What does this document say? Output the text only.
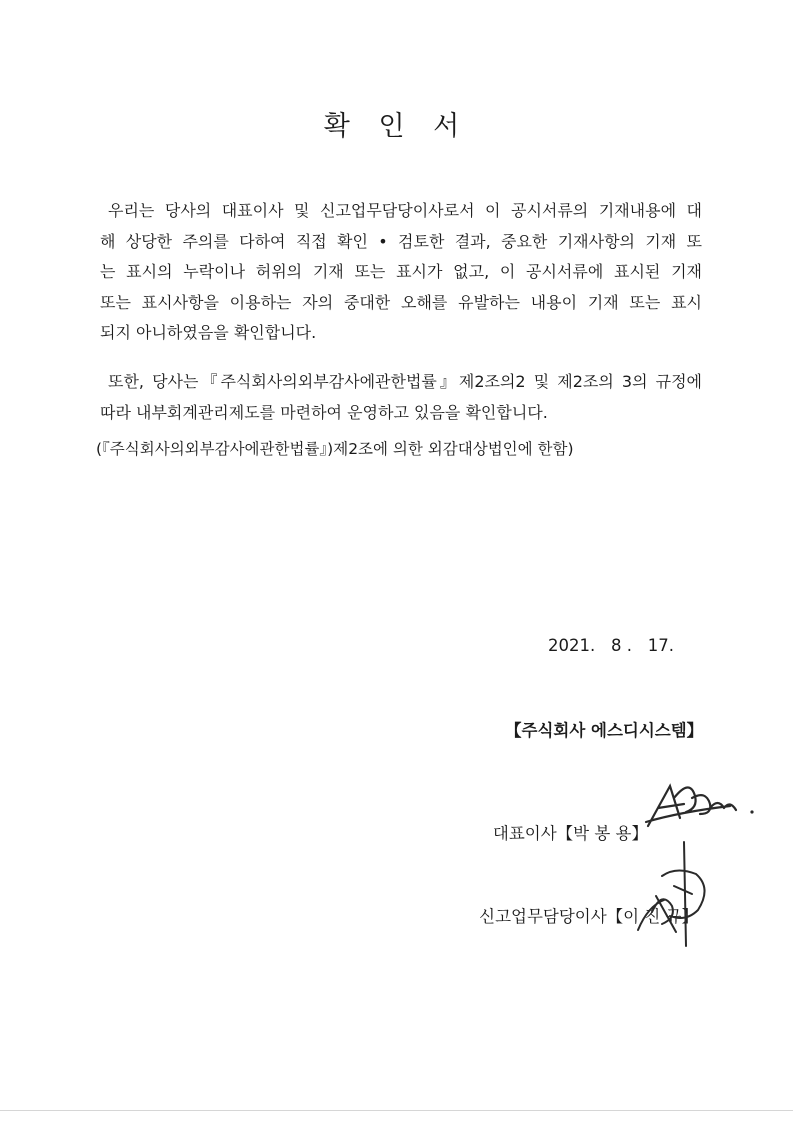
확 인 서
우리는 당사의 대표이사 및 신고업무담당이사로서 이 공시서류의 기재내용에 대
해 상당한 주의를 다하여 직접 확인 • 검토한 결과, 중요한 기재사항의 기재 또
는 표시의 누락이나 허위의 기재 또는 표시가 없고, 이 공시서류에 표시된 기재
또는 표시사항을 이용하는 자의 중대한 오해를 유발하는 내용이 기재 또는 표시
되지 아니하였음을 확인합니다.
또한, 당사는『주식회사의외부감사에관한법률』제2조의2 및 제2조의 3의 규정에
따라 내부회계관리제도를 마련하여 운영하고 있음을 확인합니다.
(『주식회사의외부감사에관한법률』)제2조에 의한 외감대상법인에 한함)
2021.   8 .   17.
【주식회사 에스디시스템】

대표이사【박 봉 용】

신고업무담당이사【이 진 규】
